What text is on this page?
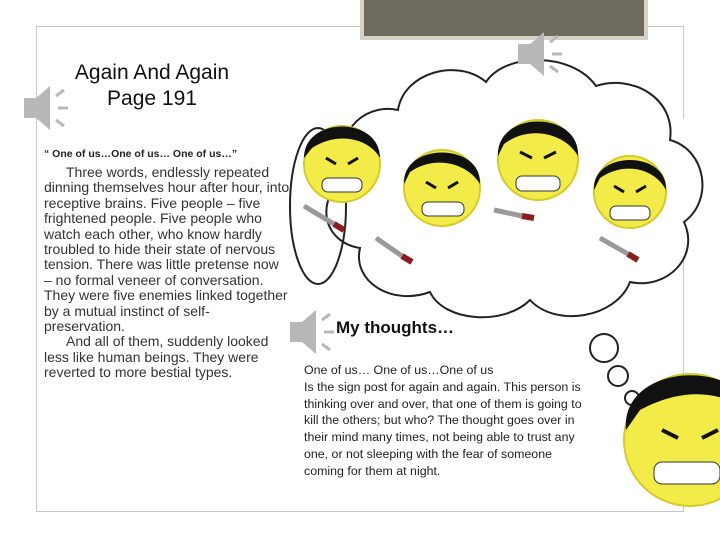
Again And Again

Page 191
“ One of us…One of us… One of us…”

Three words, endlessly repeated dinning themselves hour after hour, into receptive brains. Five people – five frightened people. Five people who watch each other, who know hardly troubled to hide their state of nervous tension. There was little pretense now – no formal veneer of conversation. They were five enemies linked together by a mutual instinct of self-preservation.

And all of them, suddenly looked less like human beings. They were reverted to more bestial types.

My thoughts…
One of us… One of us…One of us
Is the sign post for again and again. This person is thinking over and over, that one of them is going to kill the others; but who? The thought goes over in their mind many times, not being able to trust any one, or not sleeping with the fear of someone coming for them at night.
